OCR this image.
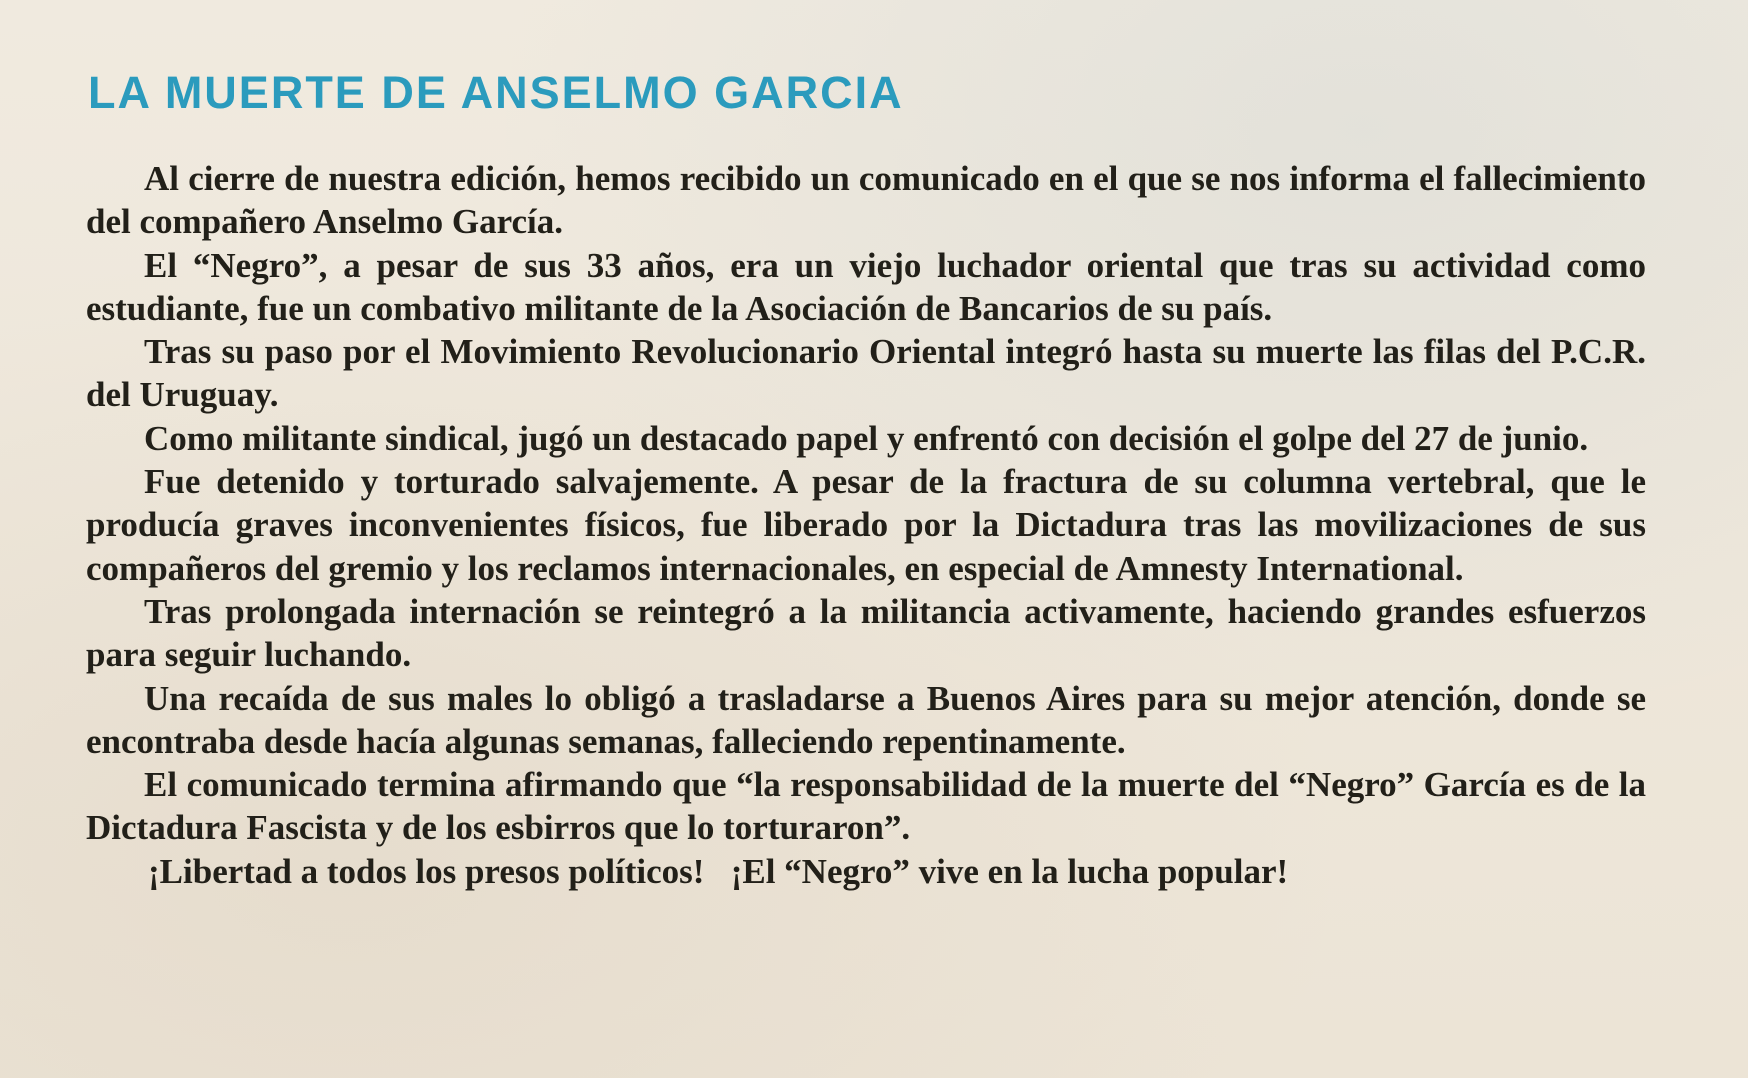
LA MUERTE DE ANSELMO GARCIA

Al cierre de nuestra edición, hemos recibido un comunicado en el que se nos informa el fallecimiento del compañero Anselmo García.

El “Negro”, a pesar de sus 33 años, era un viejo luchador oriental que tras su actividad como estudiante, fue un combativo militante de la Asociación de Bancarios de su país.

Tras su paso por el Movimiento Revolucionario Oriental integró hasta su muerte las filas del P.C.R. del Uruguay.

Como militante sindical, jugó un destacado papel y enfrentó con decisión el golpe del 27 de junio.

Fue detenido y torturado salvajemente. A pesar de la fractura de su columna vertebral, que le producía graves inconvenientes físicos, fue liberado por la Dictadura tras las movilizaciones de sus compañeros del gremio y los reclamos internacionales, en especial de Amnesty International.

Tras prolongada internación se reintegró a la militancia activamente, haciendo grandes esfuerzos para seguir luchando.

Una recaída de sus males lo obligó a trasladarse a Buenos Aires para su mejor atención, donde se encontraba desde hacía algunas semanas, falleciendo repentinamente.

El comunicado termina afirmando que “la responsabilidad de la muerte del “Negro” García es de la Dictadura Fascista y de los esbirros que lo torturaron”.

¡Libertad a todos los presos políticos!   ¡El “Negro” vive en la lucha popular!
